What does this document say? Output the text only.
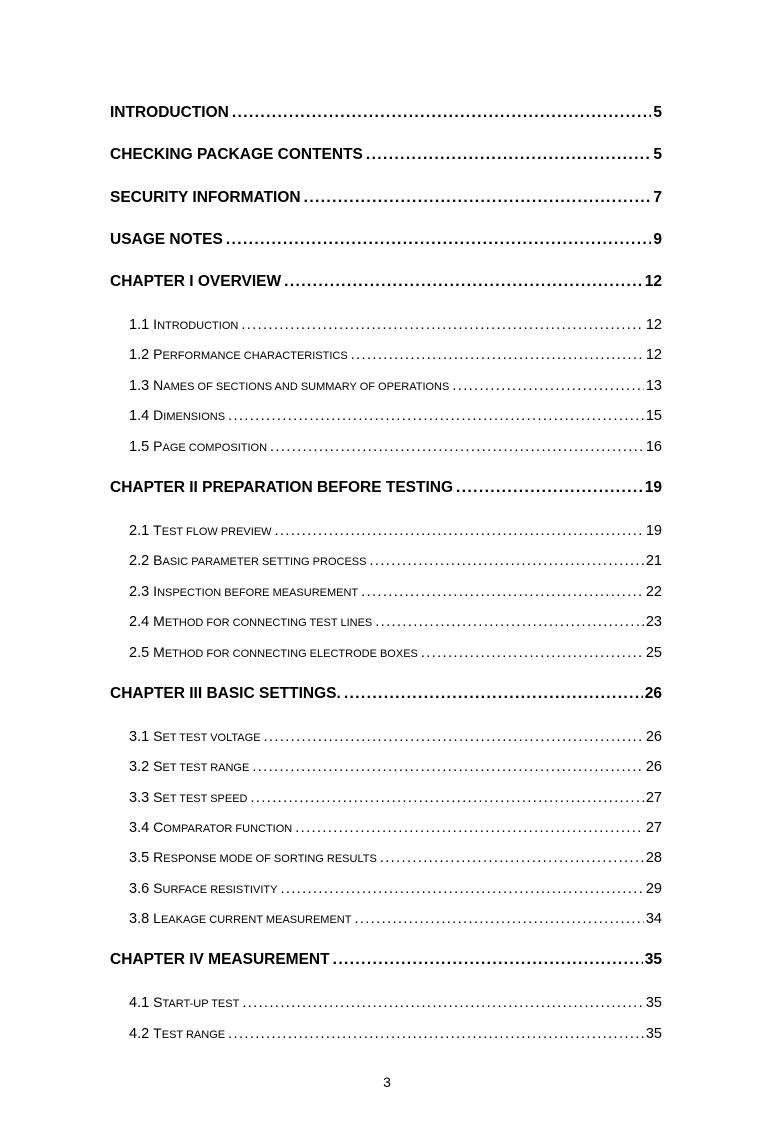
INTRODUCTION .....	5
CHECKING PACKAGE CONTENTS .....	5
SECURITY INFORMATION .....	7
USAGE NOTES .....	9
CHAPTER I OVERVIEW .....	12
1.1 INTRODUCTION .....	12
1.2 PERFORMANCE CHARACTERISTICS .....	12
1.3 NAMES OF SECTIONS AND SUMMARY OF OPERATIONS .....	13
1.4 DIMENSIONS .....	15
1.5 PAGE COMPOSITION .....	16
CHAPTER II PREPARATION BEFORE TESTING .....	19
2.1 TEST FLOW PREVIEW .....	19
2.2 BASIC PARAMETER SETTING PROCESS .....	21
2.3 INSPECTION BEFORE MEASUREMENT .....	22
2.4 METHOD FOR CONNECTING TEST LINES .....	23
2.5 METHOD FOR CONNECTING ELECTRODE BOXES .....	25
CHAPTER III BASIC SETTINGS. .....	26
3.1 SET TEST VOLTAGE .....	26
3.2 SET TEST RANGE .....	26
3.3 SET TEST SPEED .....	27
3.4 COMPARATOR FUNCTION .....	27
3.5 RESPONSE MODE OF SORTING RESULTS .....	28
3.6 SURFACE RESISTIVITY .....	29
3.8 LEAKAGE CURRENT MEASUREMENT .....	34
CHAPTER IV MEASUREMENT .....	35
4.1 START-UP TEST .....	35
4.2 TEST RANGE .....	35
3
